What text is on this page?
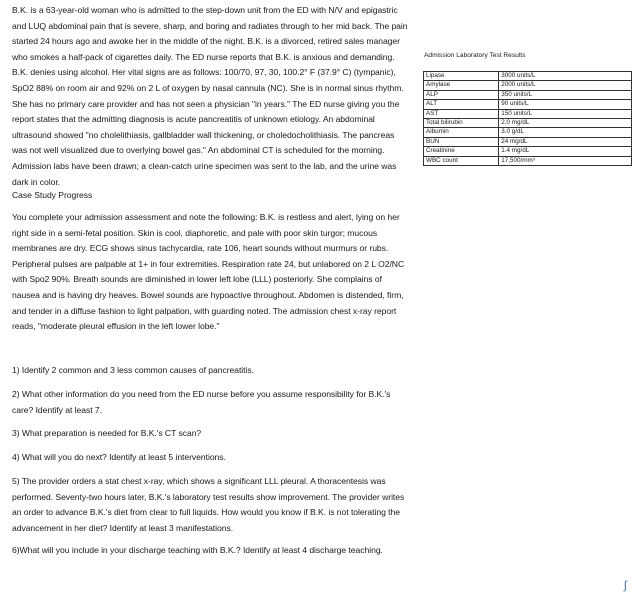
B.K. is a 63-year-old woman who is admitted to the step-down unit from the ED with N/V and epigastric and LUQ abdominal pain that is severe, sharp, and boring and radiates through to her mid back. The pain started 24 hours ago and awoke her in the middle of the night. B.K. is a divorced, retired sales manager who smokes a half-pack of cigarettes daily. The ED nurse reports that B.K. is anxious and demanding. B.K. denies using alcohol. Her vital signs are as follows: 100/70, 97, 30, 100.2° F (37.9° C) (tympanic), SpO2 88% on room air and 92% on 2 L of oxygen by nasal cannula (NC). She is in normal sinus rhythm. She has no primary care provider and has not seen a physician "in years." The ED nurse giving you the report states that the admitting diagnosis is acute pancreatitis of unknown etiology. An abdominal ultrasound showed "no cholelithiasis, gallbladder wall thickening, or choledocholithiasis. The pancreas was not well visualized due to overlying bowel gas." An abdominal CT is scheduled for the morning. Admission labs have been drawn; a clean-catch urine specimen was sent to the lab, and the urine was dark in color.

Admission Laboratory Test Results
Lipase	3000 units/L
Amylase	2000 units/L
ALP	350 units/L
ALT	90 units/L
AST	150 units/L
Total bilirubin	2.0 mg/dL
Albumin	3.0 g/dL
BUN	24 mg/dL
Creatinine	1.4 mg/dL
WBC count	17,500/mm³
Case Study Progress

You complete your admission assessment and note the following: B.K. is restless and alert, lying on her right side in a semi-fetal position. Skin is cool, diaphoretic, and pale with poor skin turgor; mucous membranes are dry. ECG shows sinus tachycardia, rate 106, heart sounds without murmurs or rubs. Peripheral pulses are palpable at 1+ in four extremities. Respiration rate 24, but unlabored on 2 L O2/NC with Spo2 90%. Breath sounds are diminished in lower left lobe (LLL) posteriorly. She complains of nausea and is having dry heaves. Bowel sounds are hypoactive throughout. Abdomen is distended, firm, and tender in a diffuse fashion to light palpation, with guarding noted. The admission chest x-ray report reads, "moderate pleural effusion in the left lower lobe."

1) Identify 2 common and 3 less common causes of pancreatitis.

2) What other information do you need from the ED nurse before you assume responsibility for B.K.'s care? Identify at least 7.

3) What preparation is needed for B.K.'s CT scan?

4) What will you do next? Identify at least 5 interventions.

5) The provider orders a stat chest x-ray, which shows a significant LLL pleural. A thoracentesis was performed. Seventy-two hours later, B.K.'s laboratory test results show improvement. The provider writes an order to advance B.K.'s diet from clear to full liquids. How would you know if B.K. is not tolerating the advancement in her diet? Identify at least 3 manifestations.

6)What will you include in your discharge teaching with B.K.? Identify at least 4 discharge teaching.

ʃ
